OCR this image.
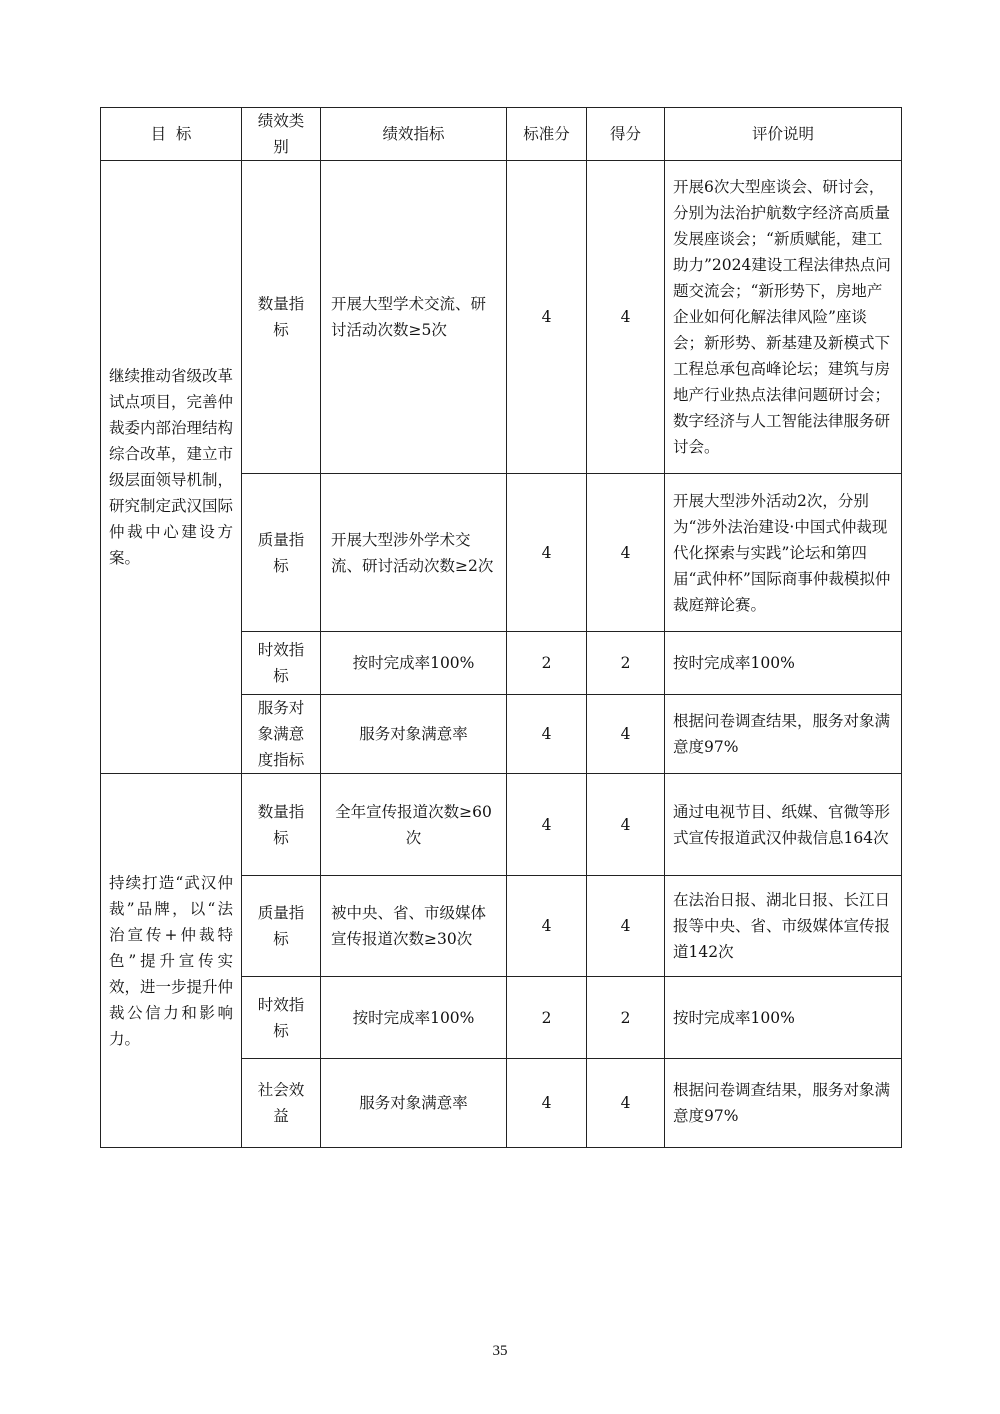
目  标	绩效类别	绩效指标	标准分	得分	评价说明
继续推动省级改革试点项目，完善仲裁委内部治理结构综合改革，建立市级层面领导机制，研究制定武汉国际仲裁中心建设方案。	数量指标	开展大型学术交流、研讨活动次数≥5次	4	4	开展6次大型座谈会、研讨会，分别为法治护航数字经济高质量发展座谈会；“新质赋能，建工助力”2024建设工程法律热点问题交流会；“新形势下，房地产企业如何化解法律风险”座谈会；新形势、新基建及新模式下工程总承包高峰论坛；建筑与房地产行业热点法律问题研讨会；数字经济与人工智能法律服务研讨会。
	质量指标	开展大型涉外学术交流、研讨活动次数≥2次	4	4	开展大型涉外活动2次，分别为“涉外法治建设·中国式仲裁现代化探索与实践”论坛和第四届“武仲杯”国际商事仲裁模拟仲裁庭辩论赛。
	时效指标	按时完成率100%	2	2	按时完成率100%
	服务对象满意度指标	服务对象满意率	4	4	根据问卷调查结果，服务对象满意度97%
持续打造“武汉仲裁”品牌，以“法治宣传+仲裁特色”提升宣传实效，进一步提升仲裁公信力和影响力。	数量指标	全年宣传报道次数≥60次	4	4	通过电视节目、纸媒、官微等形式宣传报道武汉仲裁信息164次
	质量指标	被中央、省、市级媒体宣传报道次数≥30次	4	4	在法治日报、湖北日报、长江日报等中央、省、市级媒体宣传报道142次
	时效指标	按时完成率100%	2	2	按时完成率100%
	社会效益	服务对象满意率	4	4	根据问卷调查结果，服务对象满意度97%
35
